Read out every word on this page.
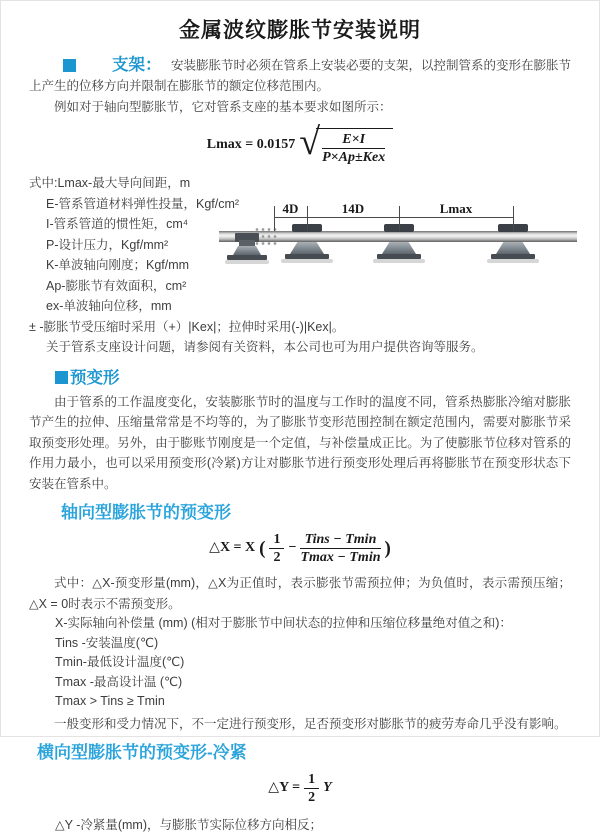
金属波纹膨胀节安装说明

支架： 安装膨胀节时必须在管系上安装必要的支架，以控制管系的变形在膨胀节上产生的位移方向并限制在膨胀节的额定位移范围内。

例如对于轴向型膨胀节，它对管系支座的基本要求如图所示：

Lmax = 0.0157 √ $\frac{E\times I}{\text{P×Ap±Kex}}$

式中:Lmax-最大导向间距，m

E-管系管道材料弹性投量，Kgf/cm²

I-管系管道的惯性矩，cm⁴

P-设计压力，Kgf/mm²

K-单波轴向刚度；Kgf/mm

Ap-膨胀节有效面积，cm²

ex-单波轴向位移，mm

± -膨胀节受压缩时采用（+）|Kex|；拉伸时采用(-)|Kex|。

关于管系支座设计问题，请参阅有关资料，本公司也可为用户提供咨询等服务。

4D	14D	Lmax
预变形

由于管系的工作温度变化，安装膨胀节时的温度与工作时的温度不同，管系热膨胀冷缩对膨胀节产生的拉伸、压缩量常常是不均等的，为了膨胀节变形范围控制在额定范围内，需要对膨胀节采取预变形处理。另外，由于膨账节刚度是一个定值，与补偿量成正比。为了使膨胀节位移对管系的作用力最小，也可以采用预变形(冷紧)方让对膨胀节进行预变形处理后再将膨胀节在预变形状态下安装在管系中。

轴向型膨胀节的预变形
△X = X ( $\frac{1}{2} - \frac{\text{Tins − Tmin}}{Tmax - Tmin}$ )

式中：△X-预变形量(mm)，△X为正值时，表示膨张节需预拉伸；为负值时，表示需预压缩；△X = 0时表示不需预变形。

X-实际轴向补偿量 (mm) (相对于膨胀节中间状态的拉伸和压缩位移量绝对值之和)：

Tins -安装温度(℃)

Tmin-最低设计温度(℃)

Tmax -最高设计温 (℃)

Tmax > Tins ≥ Tmin

一般变形和受力情况下，不一定进行预变形，足否预变形对膨胀节的疲劳寿命几乎没有影响。

横向型膨胀节的预变形-冷紧
△Y = $\frac{1}{2}$ Y

△Y -冷紧量(mm)，与膨胀节实际位移方向相反；
